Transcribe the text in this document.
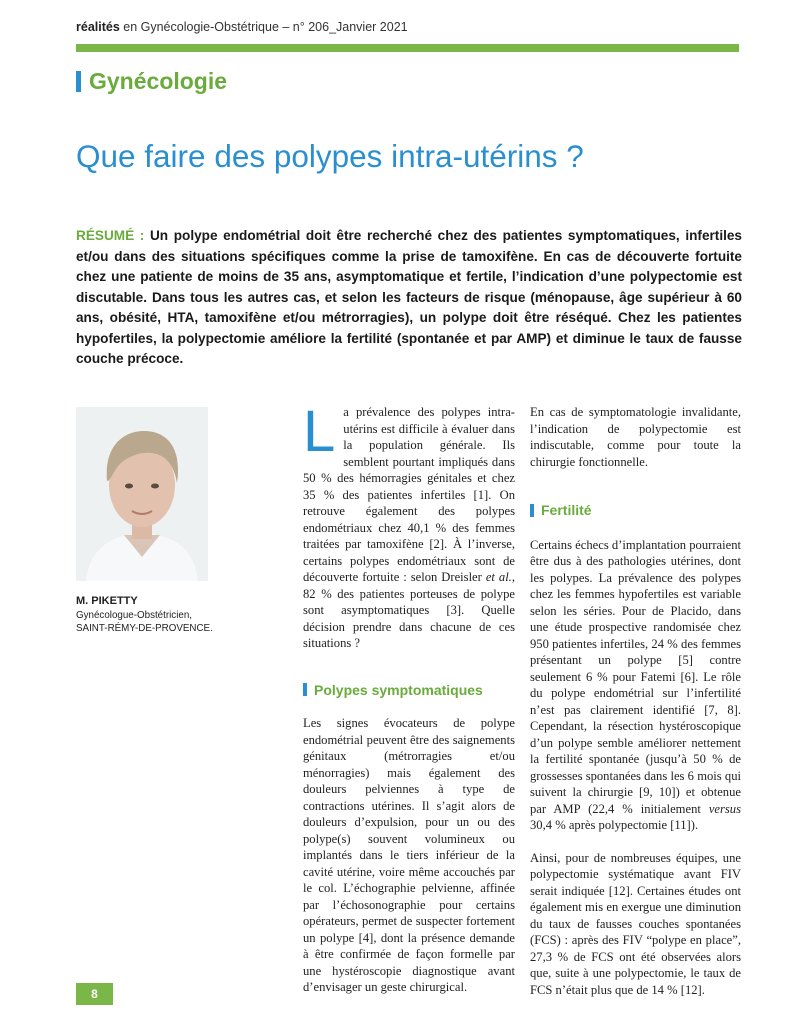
réalités en Gynécologie-Obstétrique – n° 206_Janvier 2021
Gynécologie
Que faire des polypes intra-utérins ?
RÉSUMÉ : Un polype endométrial doit être recherché chez des patientes symptomatiques, infertiles et/ou dans des situations spécifiques comme la prise de tamoxifène. En cas de découverte fortuite chez une patiente de moins de 35 ans, asymptomatique et fertile, l’indication d’une polypectomie est discutable. Dans tous les autres cas, et selon les facteurs de risque (ménopause, âge supérieur à 60 ans, obésité, HTA, tamoxifène et/ou métrorragies), un polype doit être réséqué. Chez les patientes hypofertiles, la polypectomie améliore la fertilité (spontanée et par AMP) et diminue le taux de fausse couche précoce.
M. PIKETTY
Gynécologue-Obstétricien,
SAINT-RÉMY-DE-PROVENCE.

La prévalence des polypes intra-utérins est difficile à évaluer dans la population générale. Ils semblent pourtant impliqués dans 50 % des hémorragies génitales et chez 35 % des patientes infertiles [1]. On retrouve également des polypes endométriaux chez 40,1 % des femmes traitées par tamoxifène [2]. À l’inverse, certains polypes endométriaux sont de découverte fortuite : selon Dreisler et al., 82 % des patientes porteuses de polype sont asymptomatiques [3]. Quelle décision prendre dans chacune de ces situations ?

Polypes symptomatiques

Les signes évocateurs de polype endométrial peuvent être des saignements génitaux (métrorragies et/ou ménorragies) mais également des douleurs pelviennes à type de contractions utérines. Il s’agit alors de douleurs d’expulsion, pour un ou des polype(s) souvent volumineux ou implantés dans le tiers inférieur de la cavité utérine, voire même accouchés par le col. L’échographie pelvienne, affinée par l’échosonographie pour certains opérateurs, permet de suspecter fortement un polype [4], dont la présence demande à être confirmée de façon formelle par une hystéroscopie diagnostique avant d’envisager un geste chirurgical.

En cas de symptomatologie invalidante, l’indication de polypectomie est indiscutable, comme pour toute la chirurgie fonctionnelle.

Fertilité

Certains échecs d’implantation pourraient être dus à des pathologies utérines, dont les polypes. La prévalence des polypes chez les femmes hypofertiles est variable selon les séries. Pour de Placido, dans une étude prospective randomisée chez 950 patientes infertiles, 24 % des femmes présentant un polype [5] contre seulement 6 % pour Fatemi [6]. Le rôle du polype endométrial sur l’infertilité n’est pas clairement identifié [7, 8]. Cependant, la résection hystéroscopique d’un polype semble améliorer nettement la fertilité spontanée (jusqu’à 50 % de grossesses spontanées dans les 6 mois qui suivent la chirurgie [9, 10]) et obtenue par AMP (22,4 % initialement versus 30,4 % après polypectomie [11]).

Ainsi, pour de nombreuses équipes, une polypectomie systématique avant FIV serait indiquée [12]. Certaines études ont également mis en exergue une diminution du taux de fausses couches spontanées (FCS) : après des FIV “polype en place”, 27,3 % de FCS ont été observées alors que, suite à une polypectomie, le taux de FCS n’était plus que de 14 % [12].

8
